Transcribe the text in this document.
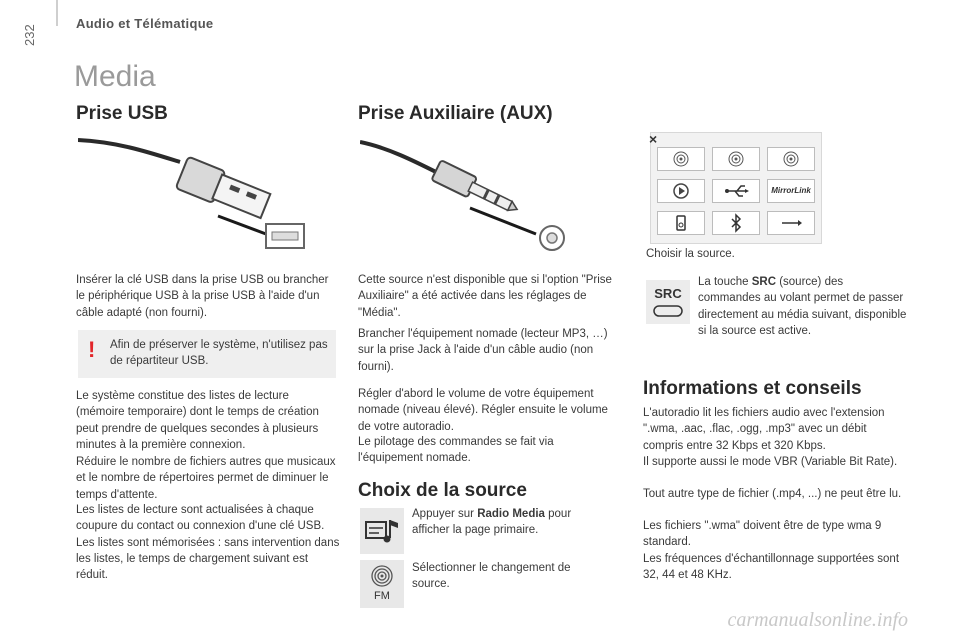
232
Audio et Télématique
Media
Prise USB
Insérer la clé USB dans la prise USB ou brancher le périphérique USB à la prise USB à l'aide d'un câble adapté (non fourni).
! Afin de préserver le système, n'utilisez pas de répartiteur USB.
Le système constitue des listes de lecture (mémoire temporaire) dont le temps de création peut prendre de quelques secondes à plusieurs minutes à la première connexion.
Réduire le nombre de fichiers autres que musicaux et le nombre de répertoires permet de diminuer le temps d'attente.
Les listes de lecture sont actualisées à chaque coupure du contact ou connexion d'une clé USB. Les listes sont mémorisées : sans intervention dans les listes, le temps de chargement suivant est réduit.
Prise Auxiliaire (AUX)
Cette source n'est disponible que si l'option "Prise Auxiliaire" a été activée dans les réglages de "Média".
Brancher l'équipement nomade (lecteur MP3, …) sur la prise Jack à l'aide d'un câble audio (non fourni).
Régler d'abord le volume de votre équipement nomade (niveau élevé). Régler ensuite le volume de votre autoradio.
Le pilotage des commandes se fait via l'équipement nomade.
Choix de la source
Appuyer sur Radio Media pour afficher la page primaire.
FM
Sélectionner le changement de source.
×
MirrorLink
Choisir la source.
SRC
La touche SRC (source) des commandes au volant permet de passer directement au média suivant, disponible si la source est active.
Informations et conseils
L'autoradio lit les fichiers audio avec l'extension ".wma, .aac, .flac, .ogg, .mp3" avec un débit compris entre 32 Kbps et 320 Kbps.
Il supporte aussi le mode VBR (Variable Bit Rate).
Tout autre type de fichier (.mp4, ...) ne peut être lu.
Les fichiers ".wma" doivent être de type wma 9 standard.
Les fréquences d'échantillonnage supportées sont 32, 44 et 48 KHz.
carmanualsonline.info
